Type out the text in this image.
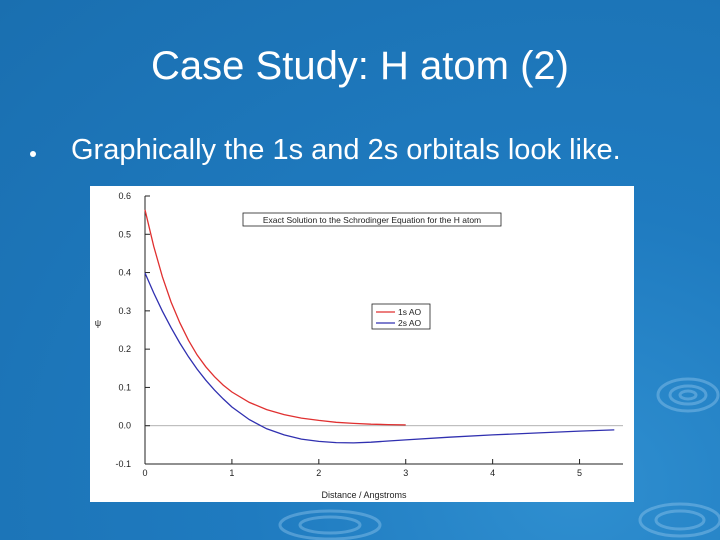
Case Study: H atom (2)
Graphically the 1s and 2s orbitals look like.
-0.1
0.0
0.1
0.2
0.3
0.4
0.5
0.6
0	1	2	3	4	5
Exact Solution to the Schrodinger Equation for the H atom
1s AO
2s AO
Distance / Angstroms
ψ
